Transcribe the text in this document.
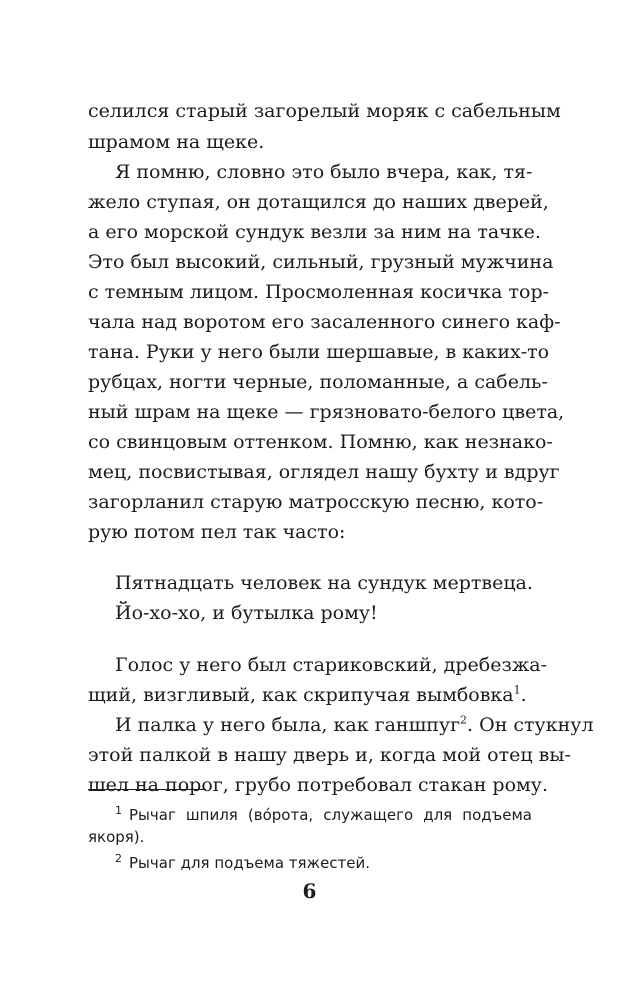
селился старый загорелый моряк с сабельным
шрамом на щеке.
Я помню, словно это было вчера, как, тя-
жело ступая, он дотащился до наших дверей,
а его морской сундук везли за ним на тачке.
Это был высокий, сильный, грузный мужчина
с темным лицом. Просмоленная косичка тор-
чала над воротом его засаленного синего каф-
тана. Руки у него были шершавые, в каких-то
рубцах, ногти черные, поломанные, а сабель-
ный шрам на щеке — грязновато-белого цвета,
со свинцовым оттенком. Помню, как незнако-
мец, посвистывая, оглядел нашу бухту и вдруг
загорланил старую матросскую песню, кото-
рую потом пел так часто:
Пятнадцать человек на сундук мертвеца.
Йо-хо-хо, и бутылка рому!
Голос у него был стариковский, дребезжа-
щий, визгливый, как скрипучая вымбовка$^1$.
И палка у него была, как ганшпуг$^2$. Он стукнул
этой палкой в нашу дверь и, когда мой отец вы-
шел на порог, грубо потребовал стакан рому.
$^1$ Рычаг шпиля (во́рота, служащего для подъема
якоря).
$^2$ Рычаг для подъема тяжестей.
6
